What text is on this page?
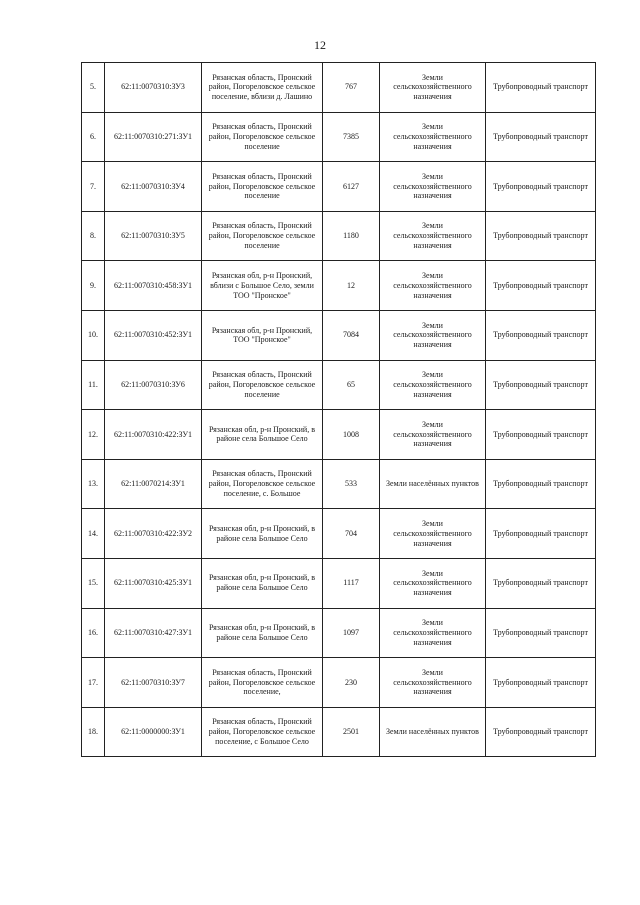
12
5.	62:11:0070310:ЗУ3	Рязанская область, Пронский район, Погореловское сельское поселение, вблизи д. Лашино	767	Земли сельскохозяйственного назначения	Трубопроводный транспорт
6.	62:11:0070310:271:ЗУ1	Рязанская область, Пронский район, Погореловское сельское поселение	7385	Земли сельскохозяйственного назначения	Трубопроводный транспорт
7.	62:11:0070310:ЗУ4	Рязанская область, Пронский район, Погореловское сельское поселение	6127	Земли сельскохозяйственного назначения	Трубопроводный транспорт
8.	62:11:0070310:ЗУ5	Рязанская область, Пронский район, Погореловское сельское поселение	1180	Земли сельскохозяйственного назначения	Трубопроводный транспорт
9.	62:11:0070310:458:ЗУ1	Рязанская обл, р-н Пронский, вблизи с Большое Село, земли ТОО "Пронское"	12	Земли сельскохозяйственного назначения	Трубопроводный транспорт
10.	62:11:0070310:452:ЗУ1	Рязанская обл, р-н Пронский, ТОО "Пронское"	7084	Земли сельскохозяйственного назначения	Трубопроводный транспорт
11.	62:11:0070310:ЗУ6	Рязанская область, Пронский район, Погореловское сельское поселение	65	Земли сельскохозяйственного назначения	Трубопроводный транспорт
12.	62:11:0070310:422:ЗУ1	Рязанская обл, р-н Пронский, в районе села Большое Село	1008	Земли сельскохозяйственного назначения	Трубопроводный транспорт
13.	62:11:0070214:ЗУ1	Рязанская область, Пронский район, Погореловское сельское поселение, с. Большое	533	Земли населённых пунктов	Трубопроводный транспорт
14.	62:11:0070310:422:ЗУ2	Рязанская обл, р-н Пронский, в районе села Большое Село	704	Земли сельскохозяйственного назначения	Трубопроводный транспорт
15.	62:11:0070310:425:ЗУ1	Рязанская обл, р-н Пронский, в районе села Большое Село	1117	Земли сельскохозяйственного назначения	Трубопроводный транспорт
16.	62:11:0070310:427:ЗУ1	Рязанская обл, р-н Пронский, в районе села Большое Село	1097	Земли сельскохозяйственного назначения	Трубопроводный транспорт
17.	62:11:0070310:ЗУ7	Рязанская область, Пронский район, Погореловское сельское поселение,	230	Земли сельскохозяйственного назначения	Трубопроводный транспорт
18.	62:11:0000000:ЗУ1	Рязанская область, Пронский район, Погореловское сельское поселение, с Большое Село	2501	Земли населённых пунктов	Трубопроводный транспорт
